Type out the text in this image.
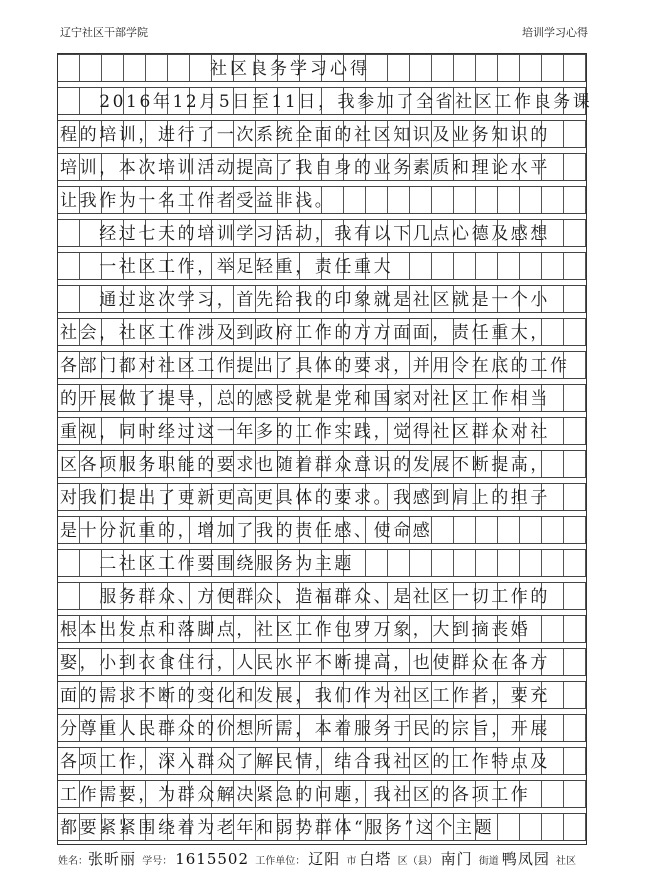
辽宁社区干部学院	培训学习心得
社区良务学习心得
　　2016年12月5日至11日，我参加了全省社区工作良务课
程的培训，进行了一次系统全面的社区知识及业务知识的
培训，本次培训活动提高了我自身的业务素质和理论水平
让我作为一名工作者受益非浅。
　　经过七天的培训学习活动，我有以下几点心德及感想
　　一社区工作，举足轻重，责任重大
　　通过这次学习，首先给我的印象就是社区就是一个小
社会，社区工作涉及到政府工作的方方面面，责任重大，
各部门都对社区工作提出了具体的要求，并用令在底的工作
的开展做了提导，总的感受就是党和国家对社区工作相当
重视，同时经过这一年多的工作实践，觉得社区群众对社
区各项服务职能的要求也随着群众意识的发展不断提高，
对我们提出了更新更高更具体的要求。我感到肩上的担子
是十分沉重的，增加了我的责任感、使命感
　　二社区工作要围绕服务为主题
　　服务群众、方便群众、造福群众、是社区一切工作的
根本出发点和落脚点，社区工作包罗万象，大到摘丧婚
娶，小到衣食住行，人民水平不断提高，也使群众在各方
面的需求不断的变化和发展，我们作为社区工作者，要充
分尊重人民群众的价想所需，本着服务于民的宗旨，开展
各项工作，深入群众了解民情，结合我社区的工作特点及
工作需要，为群众解决紧急的问题，我社区的各项工作
都要紧紧围绕着为老年和弱势群体“服务”这个主题
姓名：张昕丽 学号： 1615502 工作单位： 辽阳 市 白塔 区（县） 南门 街道 鸭凤园 社区
